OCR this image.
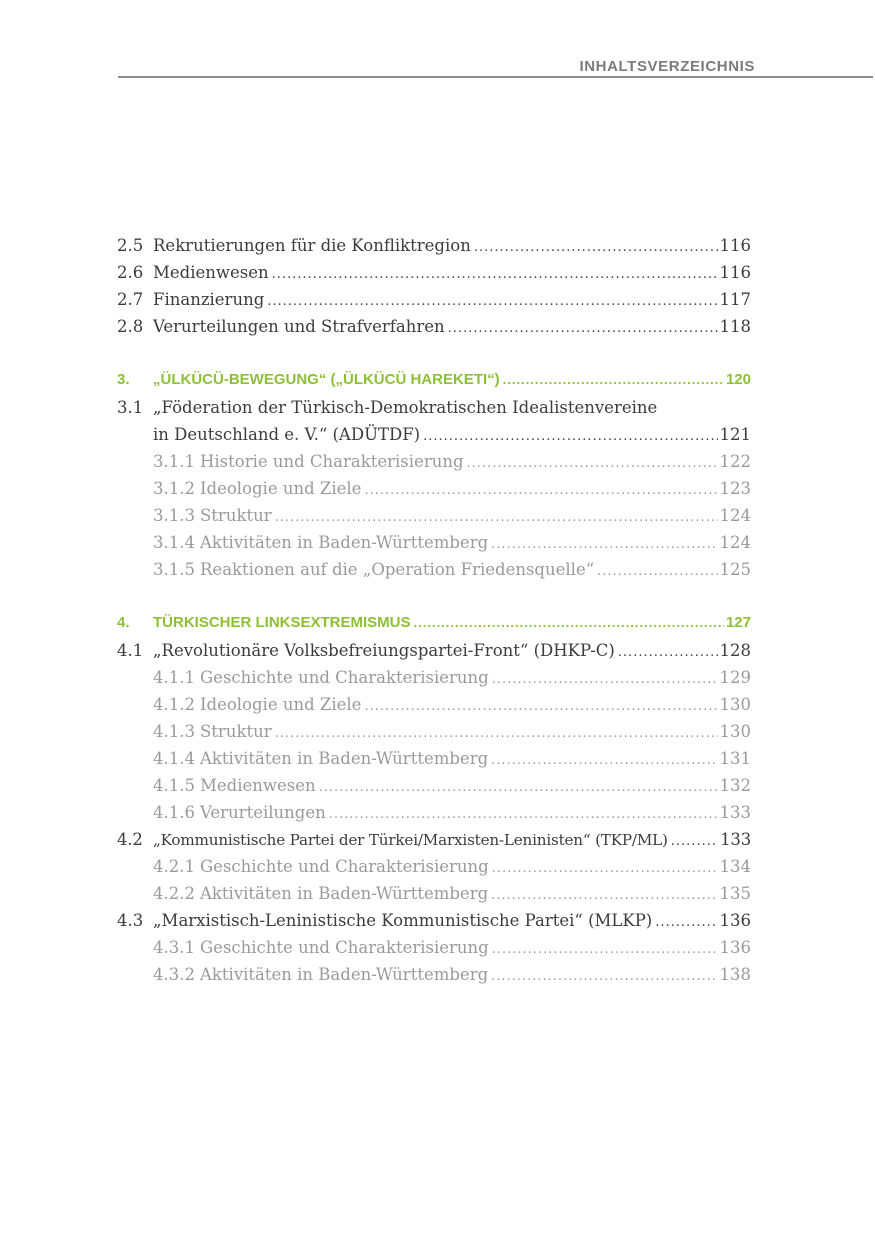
INHALTSVERZEICHNIS
2.5 Rekrutierungen für die Konfliktregion .....	116
2.6 Medienwesen .....	116
2.7 Finanzierung .....	117
2.8 Verurteilungen und Strafverfahren .....	118
3.	„ÜLKÜCÜ-BEWEGUNG“ („ÜLKÜCÜ HAREKETI“) .....	120
3.1 „Föderation der Türkisch-Demokratischen Idealistenvereine
in Deutschland e. V.“ (ADÜTDF) .....	121
3.1.1 Historie und Charakterisierung .....	122
3.1.2 Ideologie und Ziele .....	123
3.1.3 Struktur .....	124
3.1.4 Aktivitäten in Baden-Württemberg .....	124
3.1.5 Reaktionen auf die „Operation Friedensquelle“ .....	125
4.	TÜRKISCHER LINKSEXTREMISMUS .....	127
4.1 „Revolutionäre Volksbefreiungspartei-Front“ (DHKP-C) .....	128
4.1.1 Geschichte und Charakterisierung .....	129
4.1.2 Ideologie und Ziele .....	130
4.1.3 Struktur .....	130
4.1.4 Aktivitäten in Baden-Württemberg .....	131
4.1.5 Medienwesen .....	132
4.1.6 Verurteilungen .....	133
4.2 „Kommunistische Partei der Türkei/Marxisten-Leninisten“ (TKP/ML) .....	133
4.2.1 Geschichte und Charakterisierung .....	134
4.2.2 Aktivitäten in Baden-Württemberg .....	135
4.3 „Marxistisch-Leninistische Kommunistische Partei“ (MLKP) .....	136
4.3.1 Geschichte und Charakterisierung .....	136
4.3.2 Aktivitäten in Baden-Württemberg .....	138
